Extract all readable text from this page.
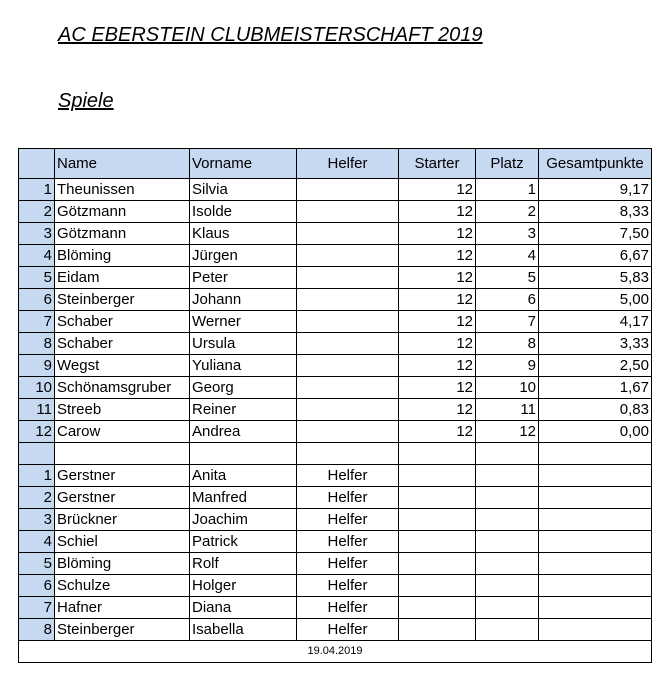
AC EBERSTEIN CLUBMEISTERSCHAFT 2019
Spiele
	Name	Vorname	Helfer	Starter	Platz	Gesamtpunkte
1	Theunissen	Silvia		12	1	9,17
2	Götzmann	Isolde		12	2	8,33
3	Götzmann	Klaus		12	3	7,50
4	Blöming	Jürgen		12	4	6,67
5	Eidam	Peter		12	5	5,83
6	Steinberger	Johann		12	6	5,00
7	Schaber	Werner		12	7	4,17
8	Schaber	Ursula		12	8	3,33
9	Wegst	Yuliana		12	9	2,50
10	Schönamsgruber	Georg		12	10	1,67
11	Streeb	Reiner		12	11	0,83
12	Carow	Andrea		12	12	0,00

1	Gerstner	Anita	Helfer			
2	Gerstner	Manfred	Helfer			
3	Brückner	Joachim	Helfer			
4	Schiel	Patrick	Helfer			
5	Blöming	Rolf	Helfer			
6	Schulze	Holger	Helfer			
7	Hafner	Diana	Helfer			
8	Steinberger	Isabella	Helfer			
19.04.2019						
